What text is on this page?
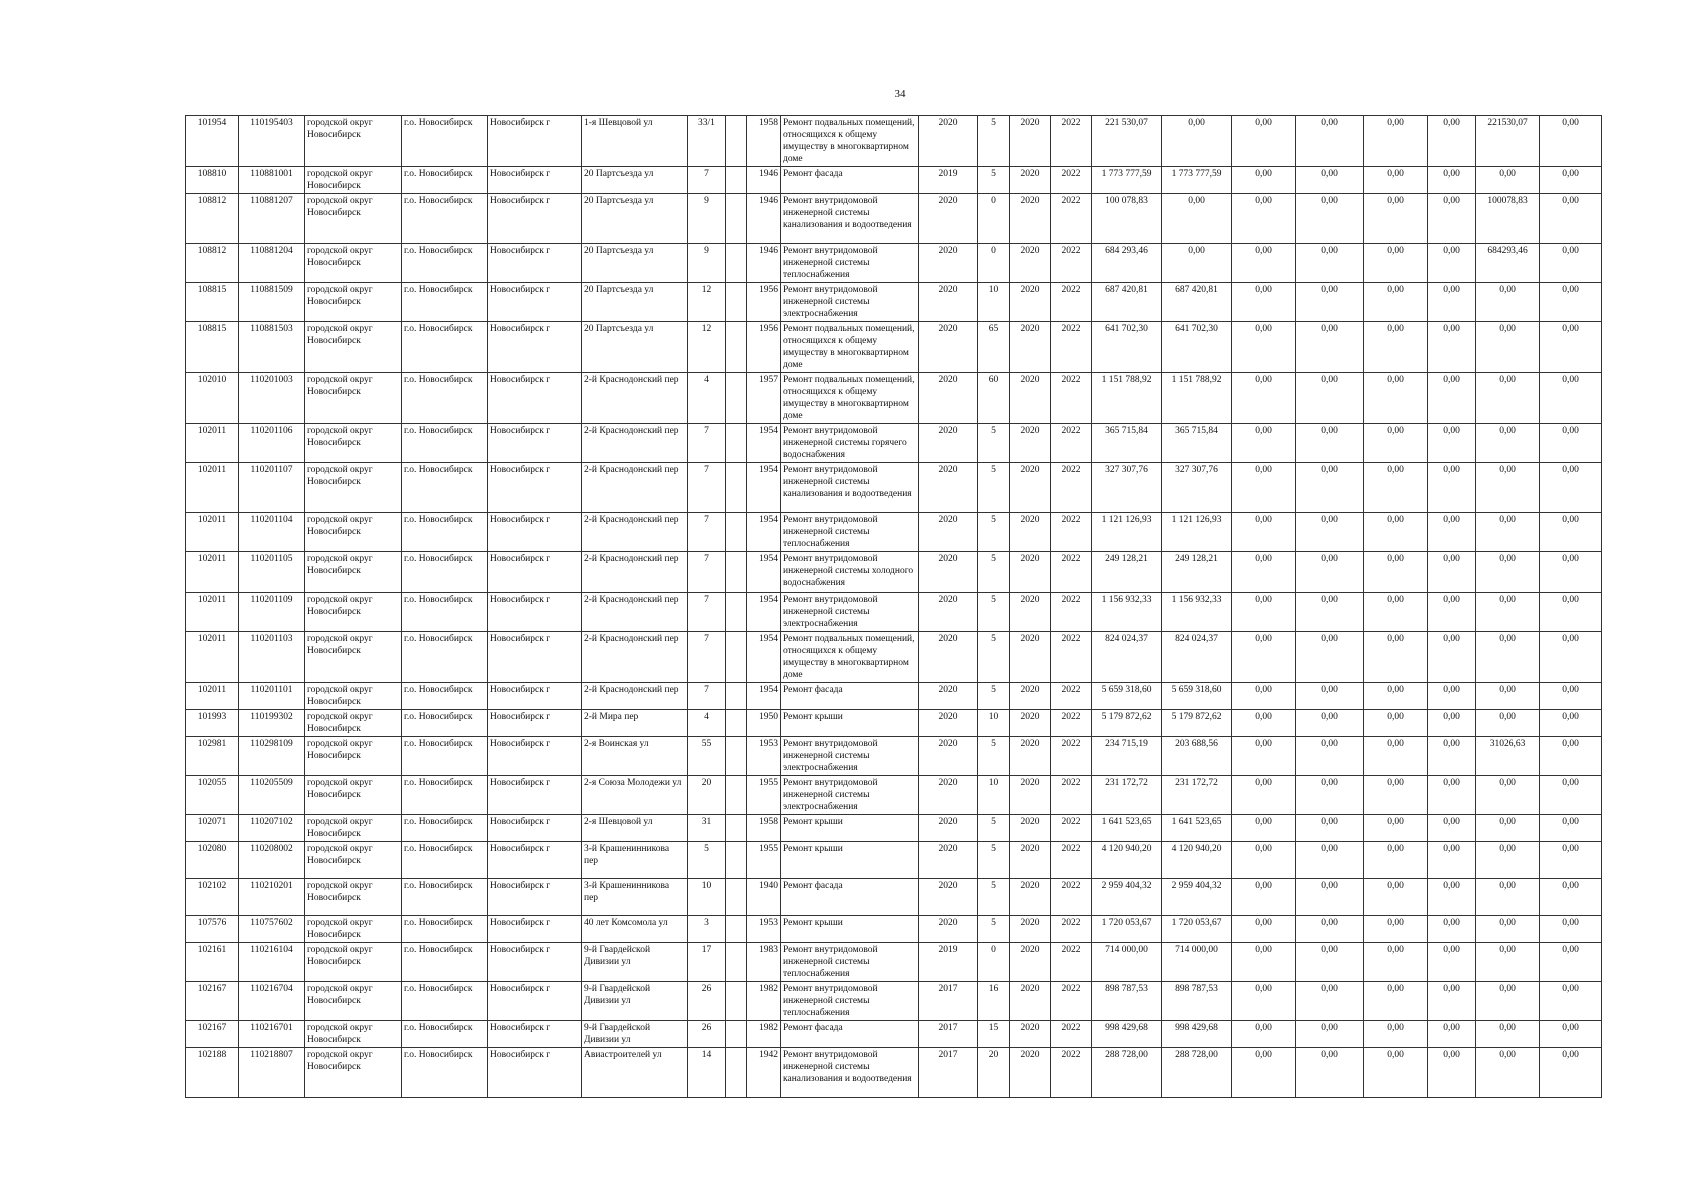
34
101954	110195403	городской округ Новосибирск	г.о. Новосибирск	Новосибирск г	1-я Шевцовой ул	33/1		1958	Ремонт подвальных помещений, относящихся к общему имуществу в многоквартирном доме	2020	5	2020	2022	221 530,07	0,00	0,00	0,00	0,00	0,00	221530,07	0,00
108810	110881001	городской округ Новосибирск	г.о. Новосибирск	Новосибирск г	20 Партсъезда ул	7		1946	Ремонт фасада	2019	5	2020	2022	1 773 777,59	1 773 777,59	0,00	0,00	0,00	0,00	0,00	0,00
108812	110881207	городской округ Новосибирск	г.о. Новосибирск	Новосибирск г	20 Партсъезда ул	9		1946	Ремонт внутридомовой инженерной системы канализования и водоотведения	2020	0	2020	2022	100 078,83	0,00	0,00	0,00	0,00	0,00	100078,83	0,00
108812	110881204	городской округ Новосибирск	г.о. Новосибирск	Новосибирск г	20 Партсъезда ул	9		1946	Ремонт внутридомовой инженерной системы теплоснабжения	2020	0	2020	2022	684 293,46	0,00	0,00	0,00	0,00	0,00	684293,46	0,00
108815	110881509	городской округ Новосибирск	г.о. Новосибирск	Новосибирск г	20 Партсъезда ул	12		1956	Ремонт внутридомовой инженерной системы электроснабжения	2020	10	2020	2022	687 420,81	687 420,81	0,00	0,00	0,00	0,00	0,00	0,00
108815	110881503	городской округ Новосибирск	г.о. Новосибирск	Новосибирск г	20 Партсъезда ул	12		1956	Ремонт подвальных помещений, относящихся к общему имуществу в многоквартирном доме	2020	65	2020	2022	641 702,30	641 702,30	0,00	0,00	0,00	0,00	0,00	0,00
102010	110201003	городской округ Новосибирск	г.о. Новосибирск	Новосибирск г	2-й Краснодонский пер	4		1957	Ремонт подвальных помещений, относящихся к общему имуществу в многоквартирном доме	2020	60	2020	2022	1 151 788,92	1 151 788,92	0,00	0,00	0,00	0,00	0,00	0,00
102011	110201106	городской округ Новосибирск	г.о. Новосибирск	Новосибирск г	2-й Краснодонский пер	7		1954	Ремонт внутридомовой инженерной системы горячего водоснабжения	2020	5	2020	2022	365 715,84	365 715,84	0,00	0,00	0,00	0,00	0,00	0,00
102011	110201107	городской округ Новосибирск	г.о. Новосибирск	Новосибирск г	2-й Краснодонский пер	7		1954	Ремонт внутридомовой инженерной системы канализования и водоотведения	2020	5	2020	2022	327 307,76	327 307,76	0,00	0,00	0,00	0,00	0,00	0,00
102011	110201104	городской округ Новосибирск	г.о. Новосибирск	Новосибирск г	2-й Краснодонский пер	7		1954	Ремонт внутридомовой инженерной системы теплоснабжения	2020	5	2020	2022	1 121 126,93	1 121 126,93	0,00	0,00	0,00	0,00	0,00	0,00
102011	110201105	городской округ Новосибирск	г.о. Новосибирск	Новосибирск г	2-й Краснодонский пер	7		1954	Ремонт внутридомовой инженерной системы холодного водоснабжения	2020	5	2020	2022	249 128,21	249 128,21	0,00	0,00	0,00	0,00	0,00	0,00
102011	110201109	городской округ Новосибирск	г.о. Новосибирск	Новосибирск г	2-й Краснодонский пер	7		1954	Ремонт внутридомовой инженерной системы электроснабжения	2020	5	2020	2022	1 156 932,33	1 156 932,33	0,00	0,00	0,00	0,00	0,00	0,00
102011	110201103	городской округ Новосибирск	г.о. Новосибирск	Новосибирск г	2-й Краснодонский пер	7		1954	Ремонт подвальных помещений, относящихся к общему имуществу в многоквартирном доме	2020	5	2020	2022	824 024,37	824 024,37	0,00	0,00	0,00	0,00	0,00	0,00
102011	110201101	городской округ Новосибирск	г.о. Новосибирск	Новосибирск г	2-й Краснодонский пер	7		1954	Ремонт фасада	2020	5	2020	2022	5 659 318,60	5 659 318,60	0,00	0,00	0,00	0,00	0,00	0,00
101993	110199302	городской округ Новосибирск	г.о. Новосибирск	Новосибирск г	2-й Мира пер	4		1950	Ремонт крыши	2020	10	2020	2022	5 179 872,62	5 179 872,62	0,00	0,00	0,00	0,00	0,00	0,00
102981	110298109	городской округ Новосибирск	г.о. Новосибирск	Новосибирск г	2-я Воинская ул	55		1953	Ремонт внутридомовой инженерной системы электроснабжения	2020	5	2020	2022	234 715,19	203 688,56	0,00	0,00	0,00	0,00	31026,63	0,00
102055	110205509	городской округ Новосибирск	г.о. Новосибирск	Новосибирск г	2-я Союза Молодежи ул	20		1955	Ремонт внутридомовой инженерной системы электроснабжения	2020	10	2020	2022	231 172,72	231 172,72	0,00	0,00	0,00	0,00	0,00	0,00
102071	110207102	городской округ Новосибирск	г.о. Новосибирск	Новосибирск г	2-я Шевцовой ул	31		1958	Ремонт крыши	2020	5	2020	2022	1 641 523,65	1 641 523,65	0,00	0,00	0,00	0,00	0,00	0,00
102080	110208002	городской округ Новосибирск	г.о. Новосибирск	Новосибирск г	3-й Крашенинникова пер	5		1955	Ремонт крыши	2020	5	2020	2022	4 120 940,20	4 120 940,20	0,00	0,00	0,00	0,00	0,00	0,00
102102	110210201	городской округ Новосибирск	г.о. Новосибирск	Новосибирск г	3-й Крашенинникова пер	10		1940	Ремонт фасада	2020	5	2020	2022	2 959 404,32	2 959 404,32	0,00	0,00	0,00	0,00	0,00	0,00
107576	110757602	городской округ Новосибирск	г.о. Новосибирск	Новосибирск г	40 лет Комсомола ул	3		1953	Ремонт крыши	2020	5	2020	2022	1 720 053,67	1 720 053,67	0,00	0,00	0,00	0,00	0,00	0,00
102161	110216104	городской округ Новосибирск	г.о. Новосибирск	Новосибирск г	9-й Гвардейской Дивизии ул	17		1983	Ремонт внутридомовой инженерной системы теплоснабжения	2019	0	2020	2022	714 000,00	714 000,00	0,00	0,00	0,00	0,00	0,00	0,00
102167	110216704	городской округ Новосибирск	г.о. Новосибирск	Новосибирск г	9-й Гвардейской Дивизии ул	26		1982	Ремонт внутридомовой инженерной системы теплоснабжения	2017	16	2020	2022	898 787,53	898 787,53	0,00	0,00	0,00	0,00	0,00	0,00
102167	110216701	городской округ Новосибирск	г.о. Новосибирск	Новосибирск г	9-й Гвардейской Дивизии ул	26		1982	Ремонт фасада	2017	15	2020	2022	998 429,68	998 429,68	0,00	0,00	0,00	0,00	0,00	0,00
102188	110218807	городской округ Новосибирск	г.о. Новосибирск	Новосибирск г	Авиастроителей ул	14		1942	Ремонт внутридомовой инженерной системы канализования и водоотведения	2017	20	2020	2022	288 728,00	288 728,00	0,00	0,00	0,00	0,00	0,00	0,00
